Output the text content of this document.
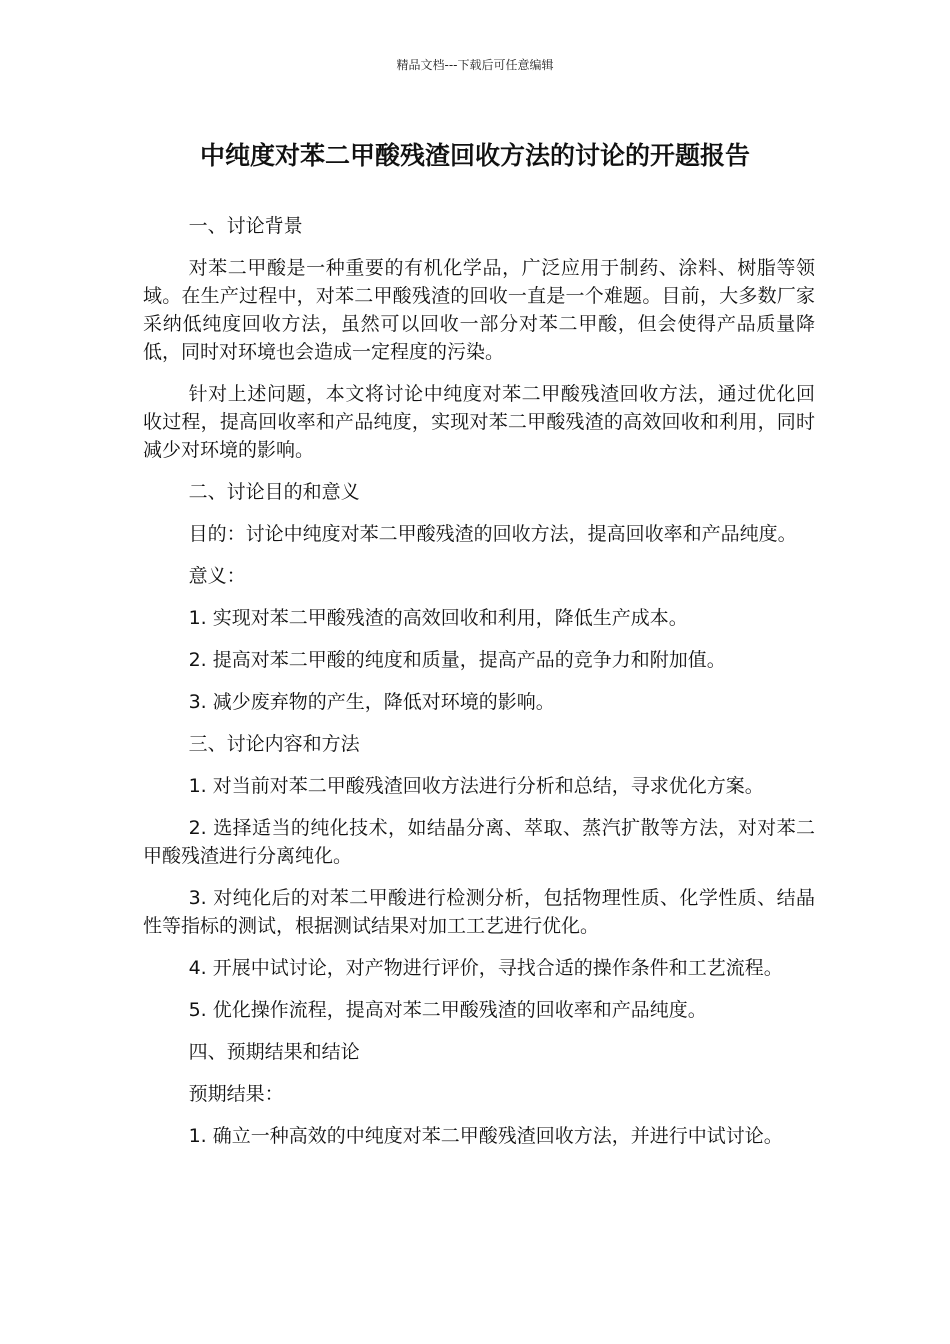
精品文档---下载后可任意编辑
中纯度对苯二甲酸残渣回收方法的讨论的开题报告

一、讨论背景

对苯二甲酸是一种重要的有机化学品，广泛应用于制药、涂料、树脂等领域。在生产过程中，对苯二甲酸残渣的回收一直是一个难题。目前，大多数厂家采纳低纯度回收方法，虽然可以回收一部分对苯二甲酸，但会使得产品质量降低，同时对环境也会造成一定程度的污染。

针对上述问题，本文将讨论中纯度对苯二甲酸残渣回收方法，通过优化回收过程，提高回收率和产品纯度，实现对苯二甲酸残渣的高效回收和利用，同时减少对环境的影响。

二、讨论目的和意义

目的：讨论中纯度对苯二甲酸残渣的回收方法，提高回收率和产品纯度。

意义：

1. 实现对苯二甲酸残渣的高效回收和利用，降低生产成本。

2. 提高对苯二甲酸的纯度和质量，提高产品的竞争力和附加值。

3. 减少废弃物的产生，降低对环境的影响。

三、讨论内容和方法

1. 对当前对苯二甲酸残渣回收方法进行分析和总结，寻求优化方案。

2. 选择适当的纯化技术，如结晶分离、萃取、蒸汽扩散等方法，对对苯二甲酸残渣进行分离纯化。

3. 对纯化后的对苯二甲酸进行检测分析，包括物理性质、化学性质、结晶性等指标的测试，根据测试结果对加工工艺进行优化。

4. 开展中试讨论，对产物进行评价，寻找合适的操作条件和工艺流程。

5. 优化操作流程，提高对苯二甲酸残渣的回收率和产品纯度。

四、预期结果和结论

预期结果：

1. 确立一种高效的中纯度对苯二甲酸残渣回收方法，并进行中试讨论。
